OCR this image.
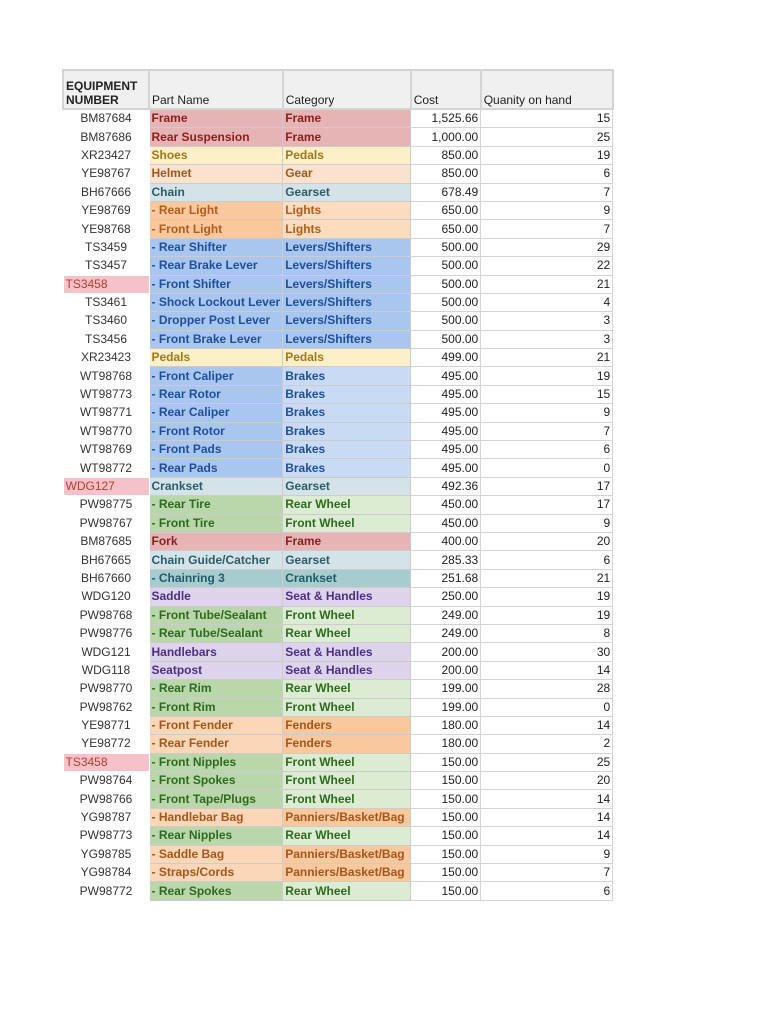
EQUIPMENT NUMBER	Part Name	Category	Cost	Quanity on hand
BM87684	Frame	Frame	1,525.66	15
BM87686	Rear Suspension	Frame	1,000.00	25
XR23427	Shoes	Pedals	850.00	19
YE98767	Helmet	Gear	850.00	6
BH67666	Chain	Gearset	678.49	7
YE98769	- Rear Light	Lights	650.00	9
YE98768	- Front Light	Lights	650.00	7
TS3459	- Rear Shifter	Levers/Shifters	500.00	29
TS3457	- Rear Brake Lever	Levers/Shifters	500.00	22
TS3458	- Front Shifter	Levers/Shifters	500.00	21
TS3461	- Shock Lockout Lever	Levers/Shifters	500.00	4
TS3460	- Dropper Post Lever	Levers/Shifters	500.00	3
TS3456	- Front Brake Lever	Levers/Shifters	500.00	3
XR23423	Pedals	Pedals	499.00	21
WT98768	- Front Caliper	Brakes	495.00	19
WT98773	- Rear Rotor	Brakes	495.00	15
WT98771	- Rear Caliper	Brakes	495.00	9
WT98770	- Front Rotor	Brakes	495.00	7
WT98769	- Front Pads	Brakes	495.00	6
WT98772	- Rear Pads	Brakes	495.00	0
WDG127	Crankset	Gearset	492.36	17
PW98775	- Rear Tire	Rear Wheel	450.00	17
PW98767	- Front Tire	Front Wheel	450.00	9
BM87685	Fork	Frame	400.00	20
BH67665	Chain Guide/Catcher	Gearset	285.33	6
BH67660	- Chainring 3	Crankset	251.68	21
WDG120	Saddle	Seat & Handles	250.00	19
PW98768	- Front Tube/Sealant	Front Wheel	249.00	19
PW98776	- Rear Tube/Sealant	Rear Wheel	249.00	8
WDG121	Handlebars	Seat & Handles	200.00	30
WDG118	Seatpost	Seat & Handles	200.00	14
PW98770	- Rear Rim	Rear Wheel	199.00	28
PW98762	- Front Rim	Front Wheel	199.00	0
YE98771	- Front Fender	Fenders	180.00	14
YE98772	- Rear Fender	Fenders	180.00	2
TS3458	- Front Nipples	Front Wheel	150.00	25
PW98764	- Front Spokes	Front Wheel	150.00	20
PW98766	- Front Tape/Plugs	Front Wheel	150.00	14
YG98787	- Handlebar Bag	Panniers/Basket/Bag	150.00	14
PW98773	- Rear Nipples	Rear Wheel	150.00	14
YG98785	- Saddle Bag	Panniers/Basket/Bag	150.00	9
YG98784	- Straps/Cords	Panniers/Basket/Bag	150.00	7
PW98772	- Rear Spokes	Rear Wheel	150.00	6
